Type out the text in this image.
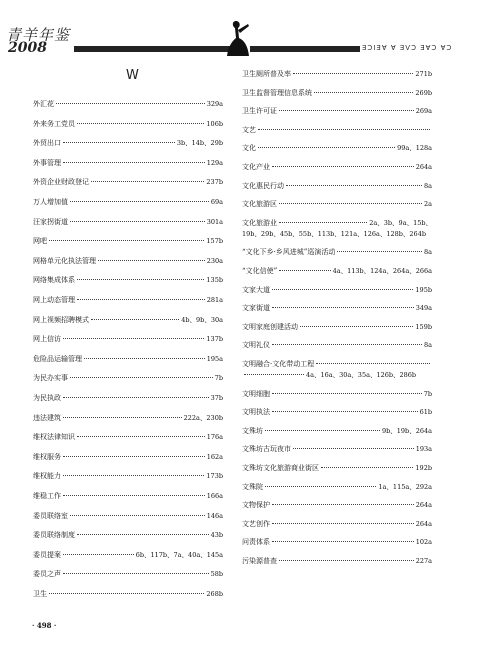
青羊年鉴
2008	ƎƆIƎⱯ Ɐ ƎVƆ ƎⱯƆ ⱯƆ
W
外汇花	329a
外来务工党员	106b
外贸出口	3b、14b、29b
外事管理	129a
外资企业财政登记	237b
万人增加值	69a
汪家拐街道	301a
网吧	157b
网格单元化执法管理	230a
网络集成体系	135b
网上动态管理	281a
网上视频招聘模式	4b、9b、30a
网上信访	137b
危险品运输管理	195a
为民办实事	7b
为民执政	37b
违法建筑	222a、230b
维权法律知识	176a
维权服务	162a
维权能力	173b
维稳工作	166a
委员联络室	146a
委员联络制度	43b
委员提案	6b、117b、7a、40a、145a
委员之声	58b
卫生	268b
卫生厕所普及率	271b
卫生监督管理信息系统	269b
卫生许可证	269a
文艺
文化	99a、128a
文化产业	264a
文化惠民行动	8a
文化旅游区	2a
文化旅游业	2a、3b、9a、15b、
19b、29b、45b、55b、113b、121a、126a、128b、264b
“文化下乡·乡风进城”巡演活动	8a
“文化信使”	4a、113b、124a、264a、266a
文家大道	195b
文家街道	349a
文明家庭创建活动	159b
文明礼仪	8a
文明融合·文化带动工程
4a、16a、30a、35a、126b、286b
文明细胞	7b
文明执法	61b
文殊坊	9b、19b、264a
文殊坊古玩夜市	193a
文殊坊文化旅游商业街区	192b
文殊院	1a、115a、292a
文物保护	264a
文艺创作	264a
问责体系	102a
污染源普查	227a
· 498 ·
